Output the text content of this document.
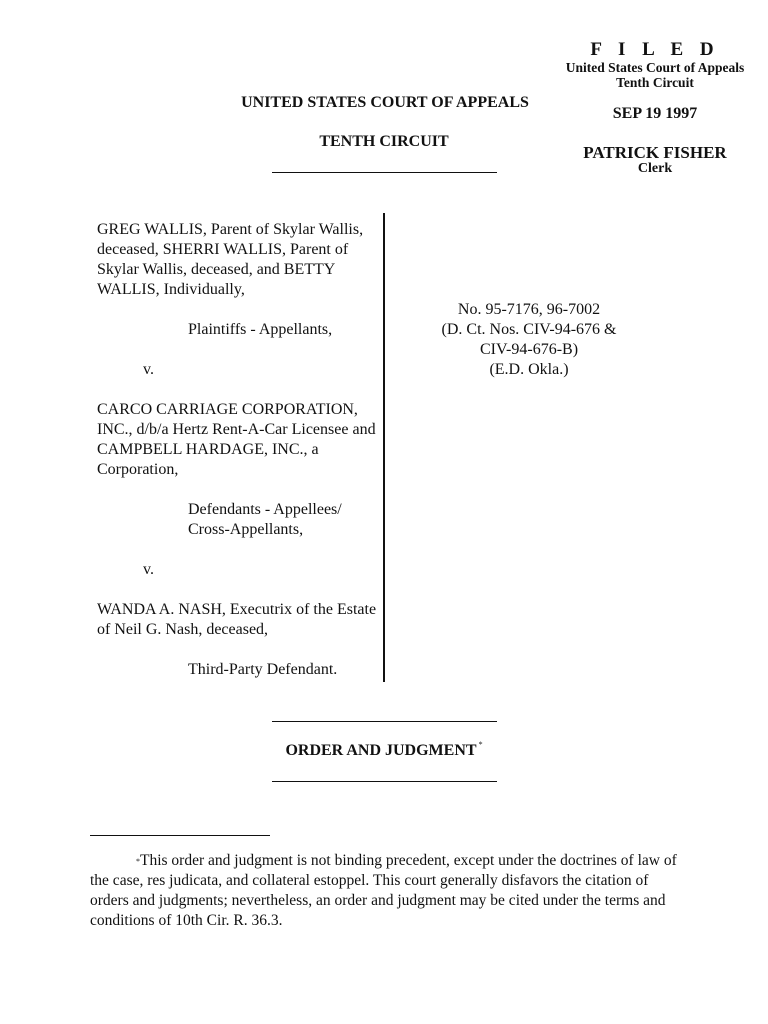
F I L E D
United States Court of Appeals
Tenth Circuit
SEP 19 1997
PATRICK FISHER
Clerk
UNITED STATES COURT OF APPEALS
TENTH CIRCUIT

GREG WALLIS, Parent of Skylar Wallis, deceased, SHERRI WALLIS, Parent of Skylar Wallis, deceased, and BETTY WALLIS, Individually,

Plaintiffs - Appellants,

v.

CARCO CARRIAGE CORPORATION, INC., d/b/a Hertz Rent-A-Car Licensee and CAMPBELL HARDAGE, INC., a Corporation,

Defendants - Appellees/

Cross-Appellants,

v.

WANDA A. NASH, Executrix of the Estate of Neil G. Nash, deceased,

Third-Party Defendant.

No. 95-7176, 96-7002
(D. Ct. Nos. CIV-94-676 &
CIV-94-676-B)
(E.D. Okla.)
ORDER AND JUDGMENT *

*This order and judgment is not binding precedent, except under the doctrines of law of the case, res judicata, and collateral estoppel. This court generally disfavors the citation of orders and judgments; nevertheless, an order and judgment may be cited under the terms and conditions of 10th Cir. R. 36.3.
